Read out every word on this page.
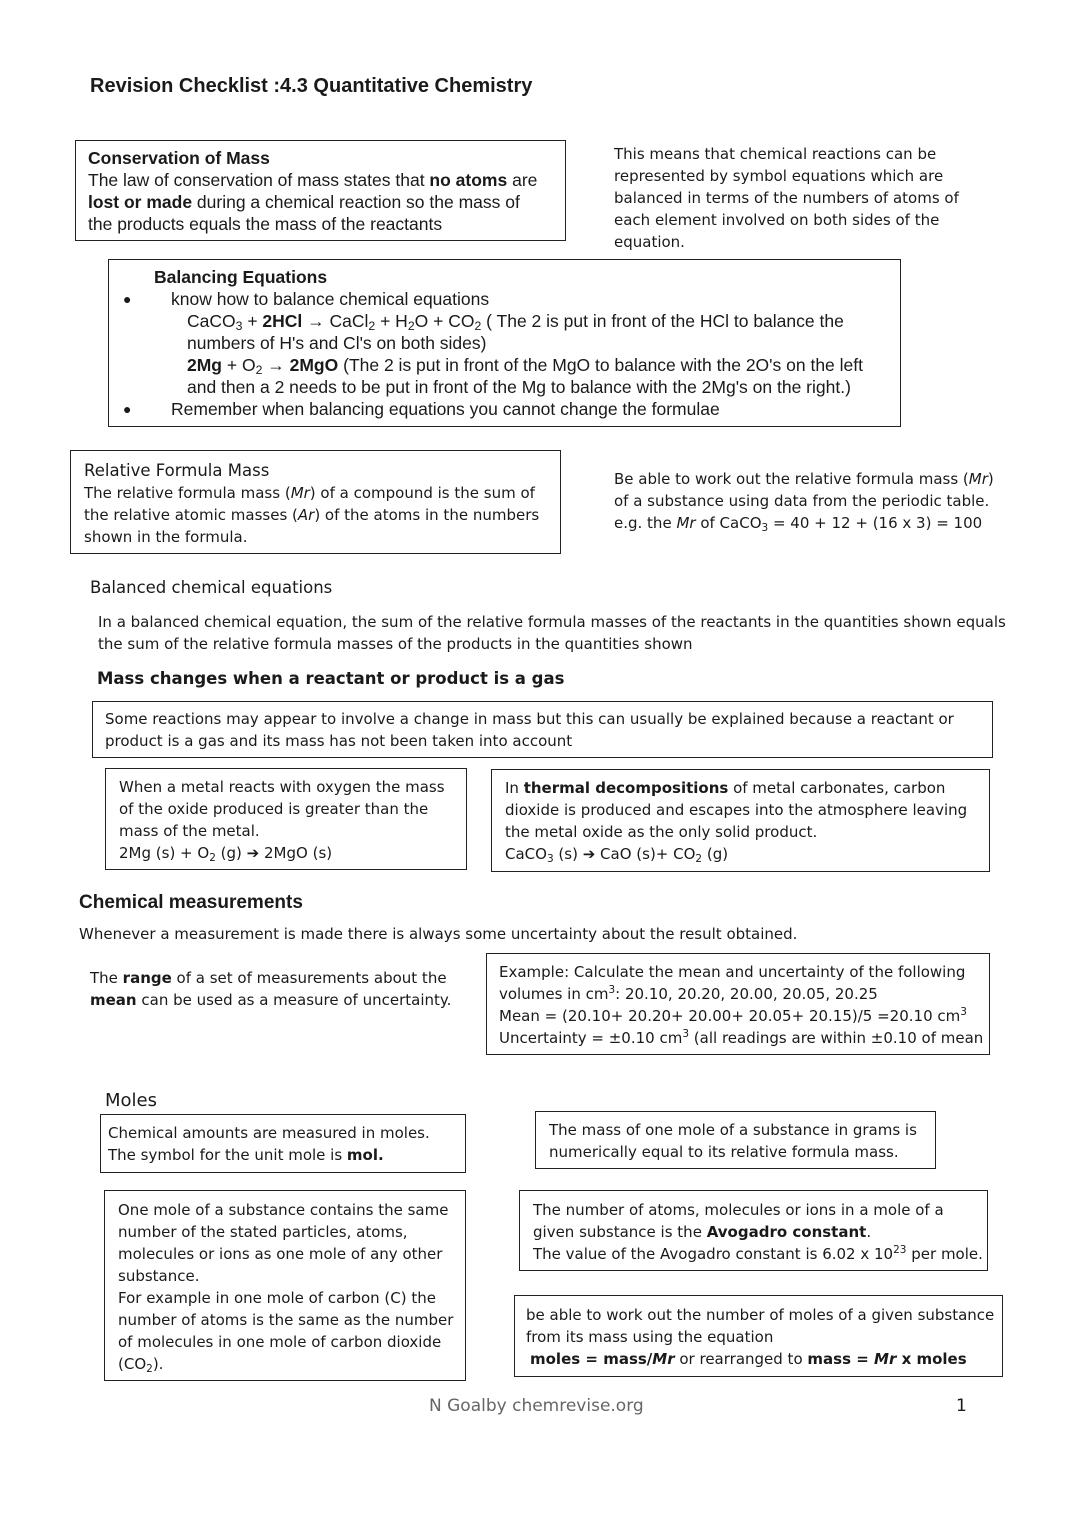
Revision Checklist :4.3 Quantitative Chemistry
Conservation of Mass
The law of conservation of mass states that no atoms are
lost or made during a chemical reaction so the mass of
the products equals the mass of the reactants
This means that chemical reactions can be
represented by symbol equations which are
balanced in terms of the numbers of atoms of
each element involved on both sides of the
equation.
Balancing Equations
● know how to balance chemical equations
CaCO$_3$ + 2HCl → CaCl$_2$ + $H_2O + CO_2$ ( The 2 is put in front of the HCl to balance the
numbers of H's and Cl's on both sides)
$2Mg + O_2 \to 2MgO$ (The 2 is put in front of the MgO to balance with the 2O's on the left
and then a 2 needs to be put in front of the Mg to balance with the 2Mg's on the right.)
● Remember when balancing equations you cannot change the formulae
Relative Formula Mass
The relative formula mass (Mr) of a compound is the sum of
the relative atomic masses (Ar) of the atoms in the numbers
shown in the formula.
Be able to work out the relative formula mass (Mr)
of a substance using data from the periodic table.
e.g. the Mr of CaCO$_3$ = 40 + 12 + (16 x 3) = 100
Balanced chemical equations
In a balanced chemical equation, the sum of the relative formula masses of the reactants in the quantities shown equals
the sum of the relative formula masses of the products in the quantities shown
Mass changes when a reactant or product is a gas
Some reactions may appear to involve a change in mass but this can usually be explained because a reactant or
product is a gas and its mass has not been taken into account
When a metal reacts with oxygen the mass
of the oxide produced is greater than the
mass of the metal.
2Mg $(s) + O_2$ (g) ➔ 2MgO (s)
In thermal decompositions of metal carbonates, carbon
dioxide is produced and escapes into the atmosphere leaving
the metal oxide as the only solid product.
CaCO$_3$ (s) ➔ CaO $(s)+ CO_2$ (g)
Chemical measurements
Whenever a measurement is made there is always some uncertainty about the result obtained.
The range of a set of measurements about the
mean can be used as a measure of uncertainty.
Example: Calculate the mean and uncertainty of the following
volumes in $cm^3$: 20.10, 20.20, 20.00, 20.05, 20.25
Mean = (20.10+ 20.20+ 20.00+ 20.05+ 20.15)/5 =20.10 $cm^3$
Uncertainty = ±0.10 $cm^3$ (all readings are within ±0.10 of mean
Moles
Chemical amounts are measured in moles.
The symbol for the unit mole is mol.
The mass of one mole of a substance in grams is
numerically equal to its relative formula mass.
One mole of a substance contains the same
number of the stated particles, atoms,
molecules or ions as one mole of any other
substance.
For example in one mole of carbon (C) the
number of atoms is the same as the number
of molecules in one mole of carbon dioxide
$(CO_2)$.
The number of atoms, molecules or ions in a mole of a
given substance is the Avogadro constant.
The value of the Avogadro constant is 6.02 x $10^{23}$ per mole.
be able to work out the number of moles of a given substance
from its mass using the equation
moles = mass/Mr or rearranged to mass = Mr x moles
N Goalby chemrevise.org	1
